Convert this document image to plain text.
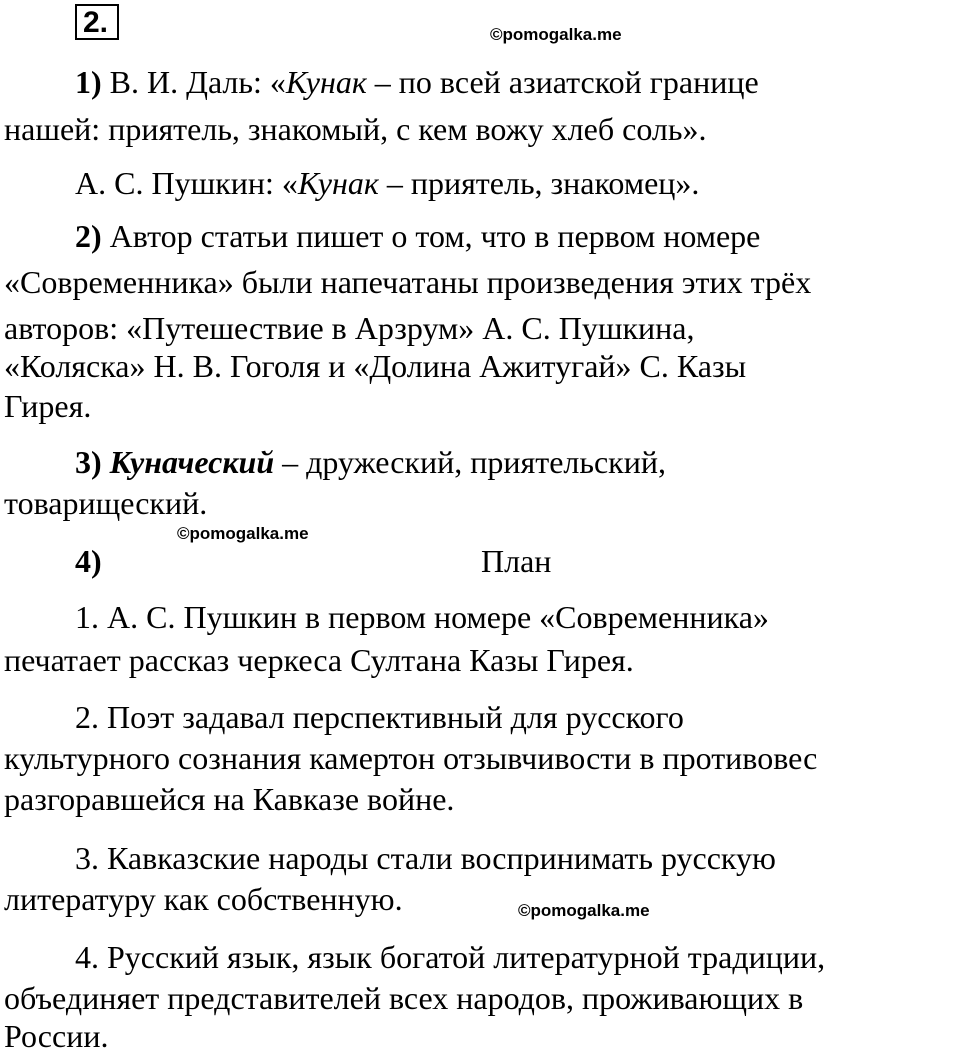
2.	©pomogalka.me
1) В. И. Даль: «Кунак – по всей азиатской границе
нашей: приятель, знакомый, с кем вожу хлеб соль».
А. С. Пушкин: «Кунак – приятель, знакомец».
2) Автор статьи пишет о том, что в первом номере
«Современника» были напечатаны произведения этих трёх
авторов: «Путешествие в Арзрум» А. С. Пушкина,
«Коляска» Н. В. Гоголя и «Долина Ажитугай» С. Казы
Гирея.
3) Куначеский – дружеский, приятельский,
товарищеский.
©pomogalka.me
4)	План
1. А. С. Пушкин в первом номере «Современника»
печатает рассказ черкеса Султана Казы Гирея.
2. Поэт задавал перспективный для русского
культурного сознания камертон отзывчивости в противовес
разгоравшейся на Кавказе войне.
3. Кавказские народы стали воспринимать русскую
литературу как собственную.	©pomogalka.me
4. Русский язык, язык богатой литературной традиции,
объединяет представителей всех народов, проживающих в
России.
